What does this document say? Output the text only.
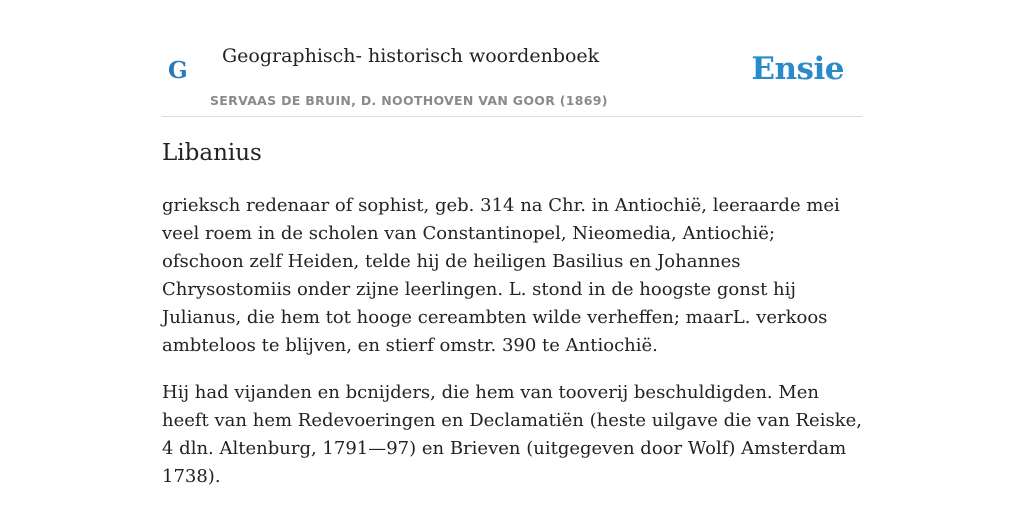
G
Geographisch- historisch woordenboek
SERVAAS DE BRUIN, D. NOOTHOVEN VAN GOOR (1869)
Ensie
Libanius

grieksch redenaar of sophist, geb. 314 na Chr. in Antiochië, leeraarde mei veel roem in de scholen van Constantinopel, Nieomedia, Antiochië; ofschoon zelf Heiden, telde hij de heiligen Basilius en Johannes Chrysostomiis onder zijne leerlingen. L. stond in de hoogste gonst hij Julianus, die hem tot hooge cereambten wilde verheffen; maarL. verkoos ambteloos te blijven, en stierf omstr. 390 te Antiochië.

Hij had vijanden en bcnijders, die hem van tooverij beschuldigden. Men heeft van hem Redevoeringen en Declamatiën (heste uilgave die van Reiske, 4 dln. Altenburg, 1791—97) en Brieven (uitgegeven door Wolf) Amsterdam 1738).
